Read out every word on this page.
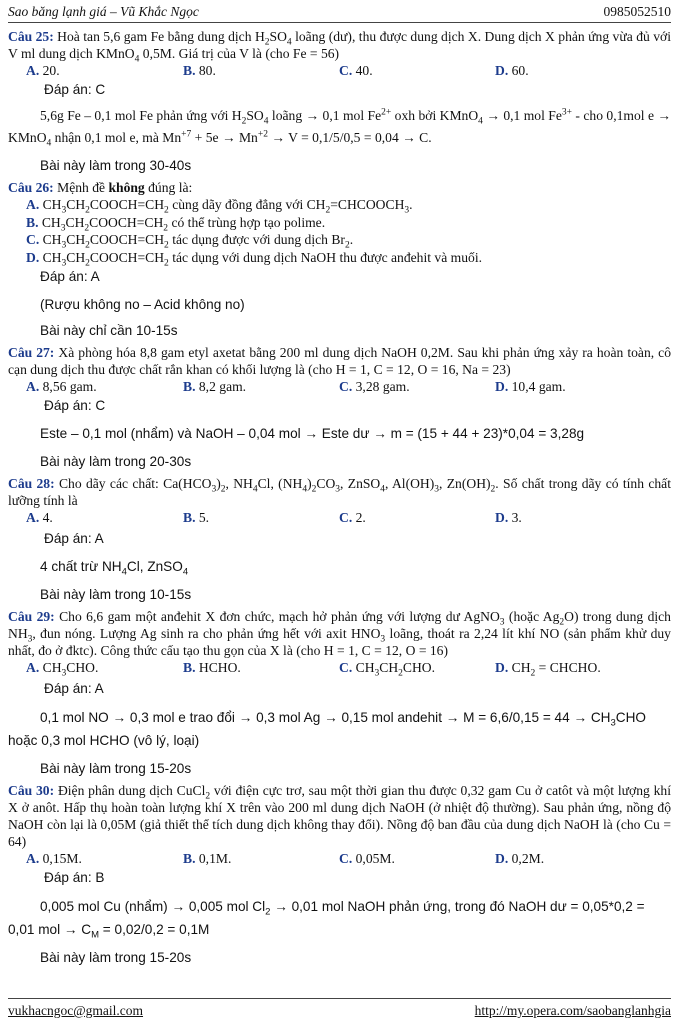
Sao băng lạnh giá – Vũ Khắc Ngọc	0985052510
Câu 25: Hoà tan 5,6 gam Fe bằng dung dịch $H_2SO_4$ loãng (dư), thu được dung dịch X. Dung dịch X phản ứng vừa đủ với V ml dung dịch KMnO$_4$ 0,5M. Giá trị của V là (cho Fe = 56)
A. 20.	B. 80.	C. 40.	D. 60.
Đáp án: C
5,6g Fe – 0,1 mol Fe phản ứng với $H_2SO_4$ loãng → 0,1 mol $Fe^{2+}$ oxh bởi KMnO$_4$ → 0,1 mol $Fe^{3+}$ - cho 0,1mol e → KMnO$_4$ nhận 0,1 mol e, mà $Mn^{+7} + 5e \to Mn^{+2} \to V = 0,1/5/0,5 = 0,04 \to C$.
Bài này làm trong 30-40s
Câu 26: Mệnh đề không đúng là:
A. $CH_3CH_2COOCH=CH_2$ cùng dãy đồng đẳng với $CH_2=CHCOOCH_3$.
B. $CH_3CH_2COOCH=CH_2$ có thể trùng hợp tạo polime.
C. $CH_3CH_2COOCH=CH_2$ tác dụng được với dung dịch $Br_2$.
D. $CH_3CH_2COOCH=CH_2$ tác dụng với dung dịch NaOH thu được anđehit và muối.
Đáp án: A
(Rượu không no – Acid không no)
Bài này chỉ cần 10-15s
Câu 27: Xà phòng hóa 8,8 gam etyl axetat bằng 200 ml dung dịch NaOH 0,2M. Sau khi phản ứng xảy ra hoàn toàn, cô cạn dung dịch thu được chất rắn khan có khối lượng là (cho H = 1, C = 12, O = 16, Na = 23)
A. 8,56 gam.	B. 8,2 gam.	C. 3,28 gam.	D. 10,4 gam.
Đáp án: C
Este – 0,1 mol (nhẩm) và NaOH – 0,04 mol → Este dư → m = (15 + 44 + 23)*0,04 = 3,28g
Bài này làm trong 20-30s
Câu 28: Cho dãy các chất: $Ca(HCO_3)_2$, $NH_4Cl$, $(NH_4)_2CO_3$, ZnSO$_4$, $Al(OH)_3$, $Zn(OH)_2$. Số chất trong dãy có tính chất lưỡng tính là
A. 4.	B. 5.	C. 2.	D. 3.
Đáp án: A
4 chất trừ $NH_4Cl$, ZnSO$_4$
Bài này làm trong 10-15s
Câu 29: Cho 6,6 gam một anđehit X đơn chức, mạch hở phản ứng với lượng dư AgNO$_3$ (hoặc $Ag_2O$) trong dung dịch $NH_3$, đun nóng. Lượng Ag sinh ra cho phản ứng hết với axit $HNO_3$ loãng, thoát ra 2,24 lít khí NO (sản phẩm khử duy nhất, đo ở đktc). Công thức cấu tạo thu gọn của X là (cho H = 1, C = 12, O = 16)
A. $CH_3CHO$.	B. HCHO.	C. $CH_3CH_2CHO$.	D. $CH_2$ = CHCHO.
Đáp án: A
0,1 mol NO → 0,3 mol e trao đổi → 0,3 mol Ag → 0,15 mol andehit → $M = 6,6/0,15 = 44 \to CH_3CHO$ hoặc 0,3 mol HCHO (vô lý, loại)
Bài này làm trong 15-20s
Câu 30: Điện phân dung dịch CuCl$_2$ với điện cực trơ, sau một thời gian thu được 0,32 gam Cu ở catôt và một lượng khí X ở anôt. Hấp thụ hoàn toàn lượng khí X trên vào 200 ml dung dịch NaOH (ở nhiệt độ thường). Sau phản ứng, nồng độ NaOH còn lại là 0,05M (giả thiết thể tích dung dịch không thay đổi). Nồng độ ban đầu của dung dịch NaOH là (cho Cu = 64)
A. 0,15M.	B. 0,1M.	C. 0,05M.	D. 0,2M.
Đáp án: B
0,005 mol Cu (nhẩm) → 0,005 mol $Cl_2 \to 0,01$ mol NaOH phản ứng, trong đó NaOH dư = 0,05*0,2 = 0,01 mol → $C_M = 0,02/0,2 = 0,1M$
Bài này làm trong 15-20s
vukhacngoc@gmail.com	http://my.opera.com/saobanglanhgia
